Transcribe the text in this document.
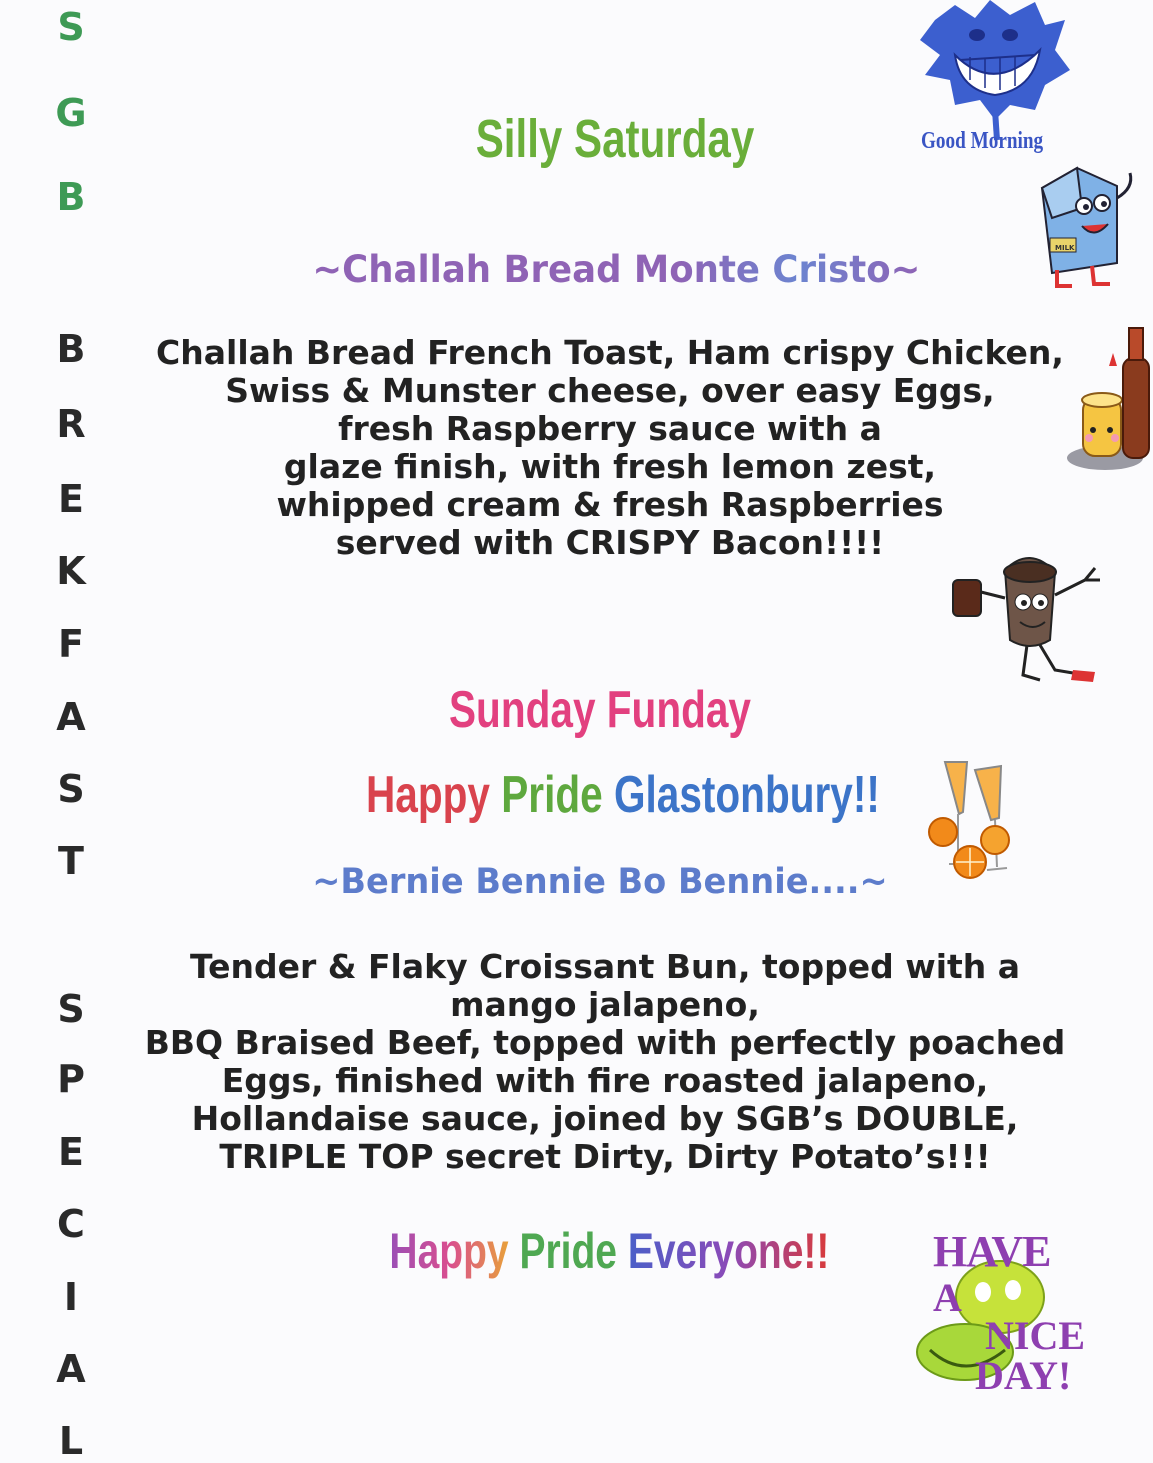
S
G
B
B
R
E
K
F
A
S
T
S
P
E
C
I
A
L
Silly Saturday
~Challah Bread Monte Cristo~
Challah Bread French Toast, Ham crispy Chicken,
Swiss & Munster cheese, over easy Eggs,
fresh Raspberry sauce with a
glaze finish, with fresh lemon zest,
whipped cream & fresh Raspberries
served with CRISPY Bacon!!!!
Sunday Funday
Happy Pride Glastonbury!!
~Bernie Bennie Bo Bennie....~
Tender & Flaky Croissant Bun, topped with a
mango jalapeno,
BBQ Braised Beef, topped with perfectly poached
Eggs, finished with fire roasted jalapeno,
Hollandaise sauce, joined by SGB’s DOUBLE,
TRIPLE TOP secret Dirty, Dirty Potato’s!!!
Happy Pride Everyone!!
Good Morning
MILK
HAVE
A
NICE
DAY!
